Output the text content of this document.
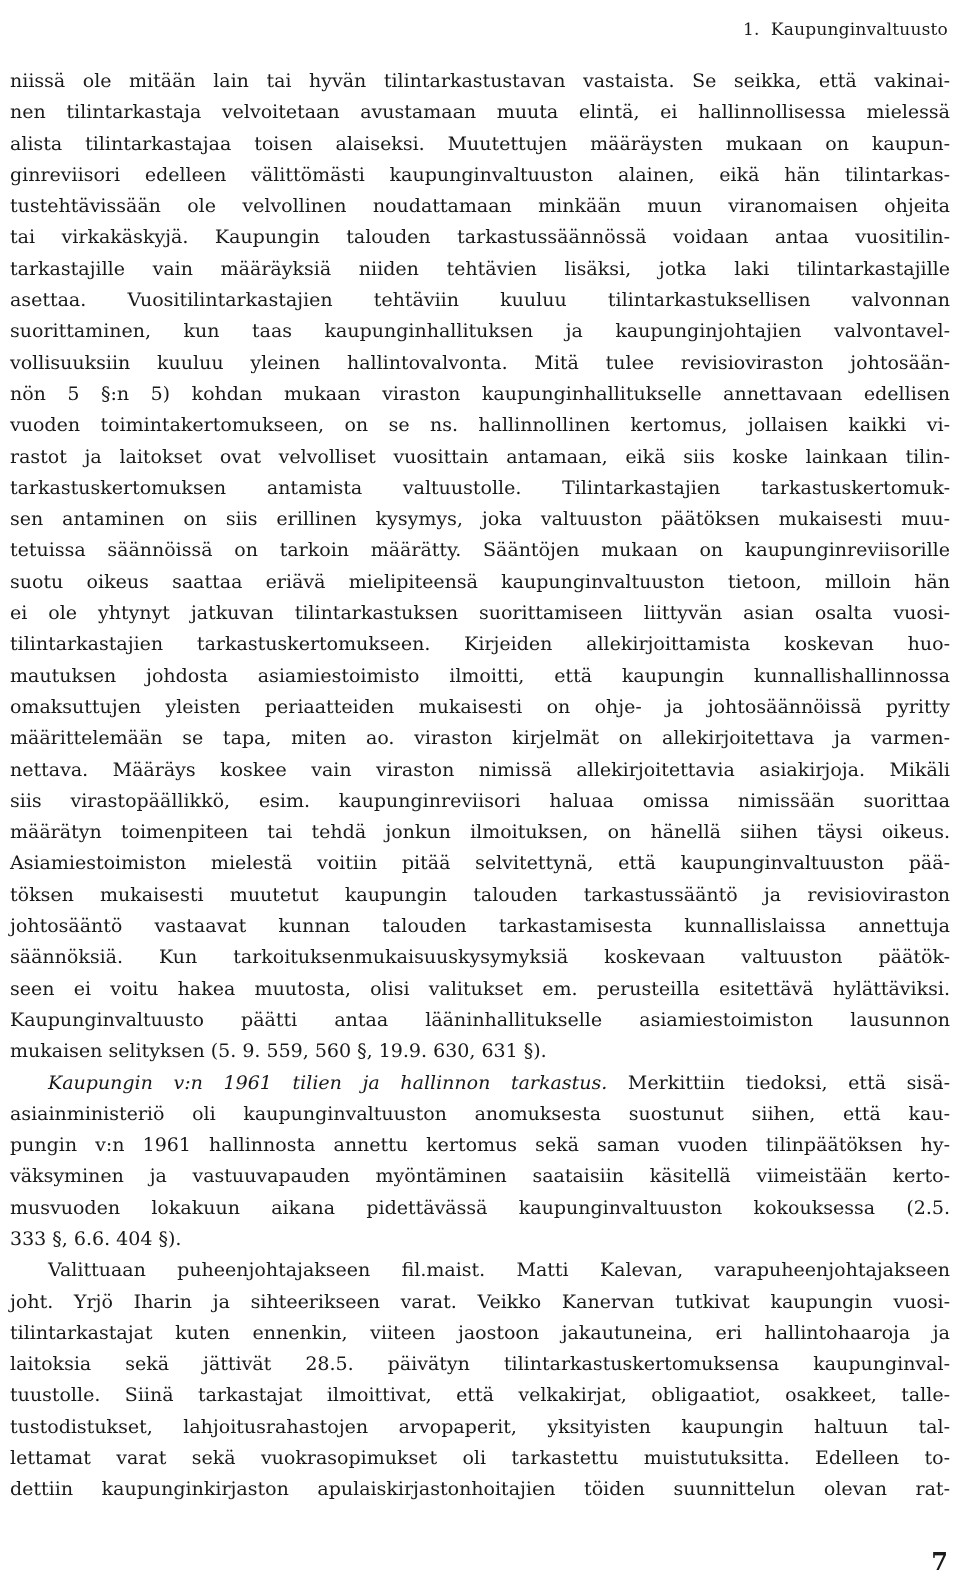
1.  Kaupunginvaltuusto
niissä ole mitään lain tai hyvän tilintarkastustavan vastaista. Se seikka, että vakinai-
nen tilintarkastaja velvoitetaan avustamaan muuta elintä, ei hallinnollisessa mielessä
alista tilintarkastajaa toisen alaiseksi. Muutettujen määräysten mukaan on kaupun-
ginreviisori edelleen välittömästi kaupunginvaltuuston alainen, eikä hän tilintarkas-
tustehtävissään ole velvollinen noudattamaan minkään muun viranomaisen ohjeita
tai virkakäskyjä. Kaupungin talouden tarkastussäännössä voidaan antaa vuositilin-
tarkastajille vain määräyksiä niiden tehtävien lisäksi, jotka laki tilintarkastajille
asettaa. Vuositilintarkastajien tehtäviin kuuluu tilintarkastuksellisen valvonnan
suorittaminen, kun taas kaupunginhallituksen ja kaupunginjohtajien valvontavel-
vollisuuksiin kuuluu yleinen hallintovalvonta. Mitä tulee revisioviraston johtosään-
nön 5 §:n 5) kohdan mukaan viraston kaupunginhallitukselle annettavaan edellisen
vuoden toimintakertomukseen, on se ns. hallinnollinen kertomus, jollaisen kaikki vi-
rastot ja laitokset ovat velvolliset vuosittain antamaan, eikä siis koske lainkaan tilin-
tarkastuskertomuksen antamista valtuustolle. Tilintarkastajien tarkastuskertomuk-
sen antaminen on siis erillinen kysymys, joka valtuuston päätöksen mukaisesti muu-
tetuissa säännöissä on tarkoin määrätty. Sääntöjen mukaan on kaupunginreviisorille
suotu oikeus saattaa eriävä mielipiteensä kaupunginvaltuuston tietoon, milloin hän
ei ole yhtynyt jatkuvan tilintarkastuksen suorittamiseen liittyvän asian osalta vuosi-
tilintarkastajien tarkastuskertomukseen. Kirjeiden allekirjoittamista koskevan huo-
mautuksen johdosta asiamiestoimisto ilmoitti, että kaupungin kunnallishallinnossa
omaksuttujen yleisten periaatteiden mukaisesti on ohje- ja johtosäännöissä pyritty
määrittelemään se tapa, miten ao. viraston kirjelmät on allekirjoitettava ja varmen-
nettava. Määräys koskee vain viraston nimissä allekirjoitettavia asiakirjoja. Mikäli
siis virastopäällikkö, esim. kaupunginreviisori haluaa omissa nimissään suorittaa
määrätyn toimenpiteen tai tehdä jonkun ilmoituksen, on hänellä siihen täysi oikeus.
Asiamiestoimiston mielestä voitiin pitää selvitettynä, että kaupunginvaltuuston pää-
töksen mukaisesti muutetut kaupungin talouden tarkastussääntö ja revisioviraston
johtosääntö vastaavat kunnan talouden tarkastamisesta kunnallislaissa annettuja
säännöksiä. Kun tarkoituksenmukaisuuskysymyksiä koskevaan valtuuston päätök-
seen ei voitu hakea muutosta, olisi valitukset em. perusteilla esitettävä hylättäviksi.
Kaupunginvaltuusto päätti antaa lääninhallitukselle asiamiestoimiston lausunnon
mukaisen selityksen (5. 9. 559, 560 §, 19.9. 630, 631 §).
Kaupungin v:n 1961 tilien ja hallinnon tarkastus. Merkittiin tiedoksi, että sisä-
asiainministeriö oli kaupunginvaltuuston anomuksesta suostunut siihen, että kau-
pungin v:n 1961 hallinnosta annettu kertomus sekä saman vuoden tilinpäätöksen hy-
väksyminen ja vastuuvapauden myöntäminen saataisiin käsitellä viimeistään kerto-
musvuoden lokakuun aikana pidettävässä kaupunginvaltuuston kokouksessa (2.5.
333 §, 6.6. 404 §).
Valittuaan puheenjohtajakseen fil.maist. Matti Kalevan, varapuheenjohtajakseen
joht. Yrjö Iharin ja sihteerikseen varat. Veikko Kanervan tutkivat kaupungin vuosi-
tilintarkastajat kuten ennenkin, viiteen jaostoon jakautuneina, eri hallintohaaroja ja
laitoksia sekä jättivät 28.5. päivätyn tilintarkastuskertomuksensa kaupunginval-
tuustolle. Siinä tarkastajat ilmoittivat, että velkakirjat, obligaatiot, osakkeet, talle-
tustodistukset, lahjoitusrahastojen arvopaperit, yksityisten kaupungin haltuun tal-
lettamat varat sekä vuokrasopimukset oli tarkastettu muistutuksitta. Edelleen to-
dettiin kaupunginkirjaston apulaiskirjastonhoitajien töiden suunnittelun olevan rat-
7
